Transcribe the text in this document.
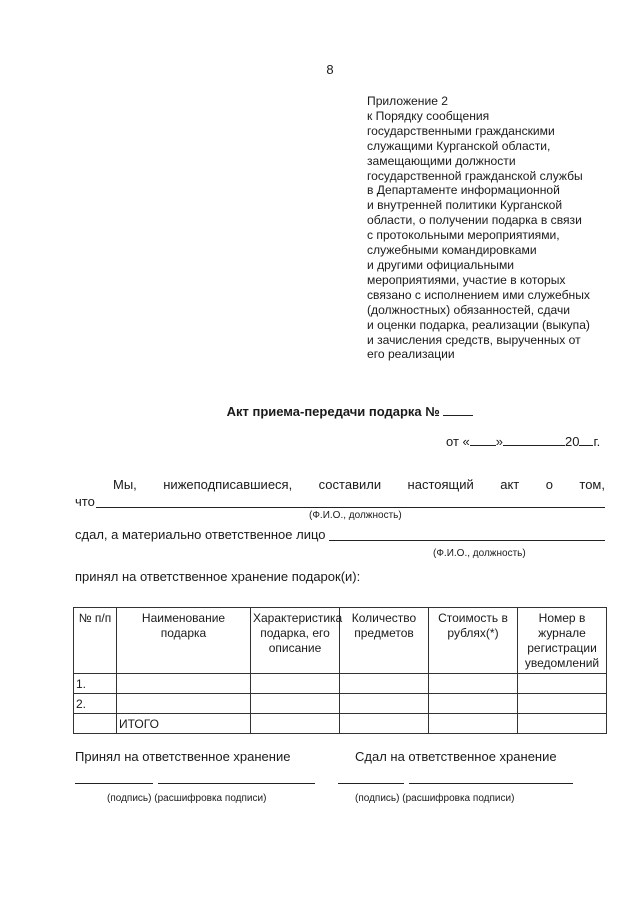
8
Приложение 2
к Порядку сообщения
государственными гражданскими
служащими Курганской области,
замещающими должности
государственной гражданской службы
в Департаменте информационной
и внутренней политики Курганской
области, о получении подарка в связи
с протокольными мероприятиями,
служебными командировками
и другими официальными
мероприятиями, участие в которых
связано с исполнением ими служебных
(должностных) обязанностей, сдачи
и оценки подарка, реализации (выкупа)
и зачисления средств, вырученных от
его реализации
Акт приема-передачи подарка №
от « »	20 г.
Мы, нижеподписавшиеся, составили настоящий акт о том,
что
(Ф.И.О., должность)
сдал, а материально ответственное лицо
(Ф.И.О., должность)
принял на ответственное хранение подарок(и):
№ п/п	Наименование подарка	Характеристика подарка, его описание	Количество предметов	Стоимость в рублях(*)	Номер в журнале регистрации уведомлений
1.					
2.					
	ИТОГО				
Принял на ответственное хранение	Сдал на ответственное хранение
(подпись) (расшифровка подписи)	(подпись) (расшифровка подписи)
